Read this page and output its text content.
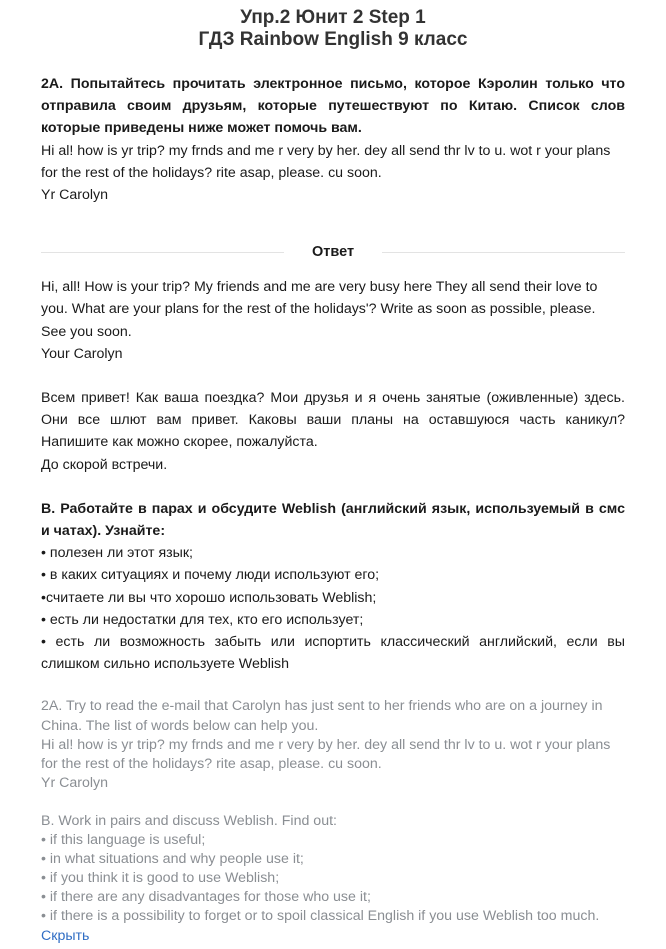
Упр.2 Юнит 2 Step 1
ГДЗ Rainbow English 9 класс

2A. Попытайтесь прочитать электронное письмо, которое Кэролин только что отправила своим друзьям, которые путешествуют по Китаю. Список слов которые приведены ниже может помочь вам.

Hi al! how is yr trip? my frnds and me r very by her. dey all send thr lv to u. wot r your plans for the rest of the holidays? rite asap, please. cu soon.

Yr Carolyn

Ответ

Hi, all! How is your trip? My friends and me are very busy here They all send their love to you. What are your plans for the rest of the holidays'? Write as soon as possible, please.

See you soon.

Your Carolyn

Всем привет! Как ваша поездка? Мои друзья и я очень занятые (оживленные) здесь. Они все шлют вам привет. Каковы ваши планы на оставшуюся часть каникул? Напишите как можно скорее, пожалуйста.

До скорой встречи.

B. Работайте в парах и обсудите Weblish (английский язык, используемый в смс и чатах). Узнайте:

• полезен ли этот язык;
• в каких ситуациях и почему люди используют его;
•считаете ли вы что хорошо использовать Weblish;
• есть ли недостатки для тех, кто его использует;
• есть ли возможность забыть или испортить классический английский, если вы слишком сильно используете Weblish

2A. Try to read the e-mail that Carolyn has just sent to her friends who are on a journey in China. The list of words below can help you.

Hi al! how is yr trip? my frnds and me r very by her. dey all send thr lv to u. wot r your plans for the rest of the holidays? rite asap, please. cu soon.

Yr Carolyn

B. Work in pairs and discuss Weblish. Find out:

• if this language is useful;
• in what situations and why people use it;
• if you think it is good to use Weblish;
• if there are any disadvantages for those who use it;
• if there is a possibility to forget or to spoil classical English if you use Weblish too much.
Скрыть
